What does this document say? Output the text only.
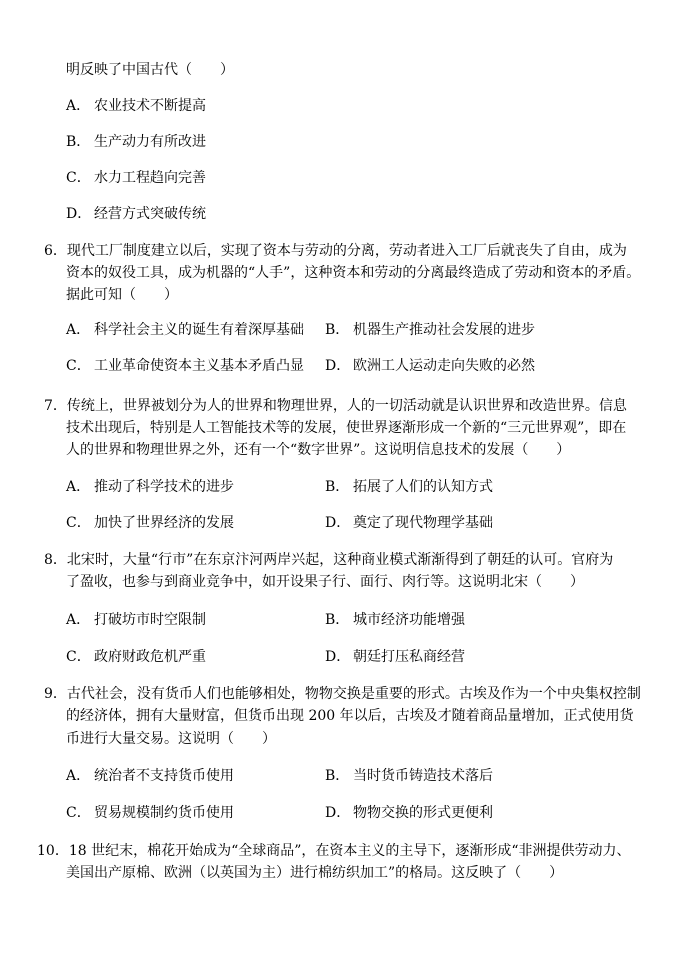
明反映了中国古代（　　）
A． 农业技术不断提高
B． 生产动力有所改进
C． 水力工程趋向完善
D． 经营方式突破传统
6．现代工厂制度建立以后，实现了资本与劳动的分离，劳动者进入工厂后就丧失了自由，成为
资本的奴役工具，成为机器的“人手”，这种资本和劳动的分离最终造成了劳动和资本的矛盾。
据此可知（　　）
A． 科学社会主义的诞生有着深厚基础 B． 机器生产推动社会发展的进步
C． 工业革命使资本主义基本矛盾凸显 D． 欧洲工人运动走向失败的必然
7．传统上，世界被划分为人的世界和物理世界，人的一切活动就是认识世界和改造世界。信息
技术出现后，特别是人工智能技术等的发展，使世界逐渐形成一个新的“三元世界观”，即在
人的世界和物理世界之外，还有一个“数字世界”。这说明信息技术的发展（　　）
A． 推动了科学技术的进步	B． 拓展了人们的认知方式
C． 加快了世界经济的发展	D． 奠定了现代物理学基础
8．北宋时，大量“行市”在东京汴河两岸兴起，这种商业模式渐渐得到了朝廷的认可。官府为
了盈收，也参与到商业竞争中，如开设果子行、面行、肉行等。这说明北宋（　　）
A． 打破坊市时空限制	B． 城市经济功能增强
C． 政府财政危机严重	D． 朝廷打压私商经营
9．古代社会，没有货币人们也能够相处，物物交换是重要的形式。古埃及作为一个中央集权控制
的经济体，拥有大量财富，但货币出现 200 年以后，古埃及才随着商品量增加，正式使用货
币进行大量交易。这说明（　　）
A． 统治者不支持货币使用	B． 当时货币铸造技术落后
C． 贸易规模制约货币使用	D． 物物交换的形式更便利
10．18 世纪末，棉花开始成为“全球商品”，在资本主义的主导下，逐渐形成“非洲提供劳动力、
美国出产原棉、欧洲（以英国为主）进行棉纺织加工”的格局。这反映了（　　）
